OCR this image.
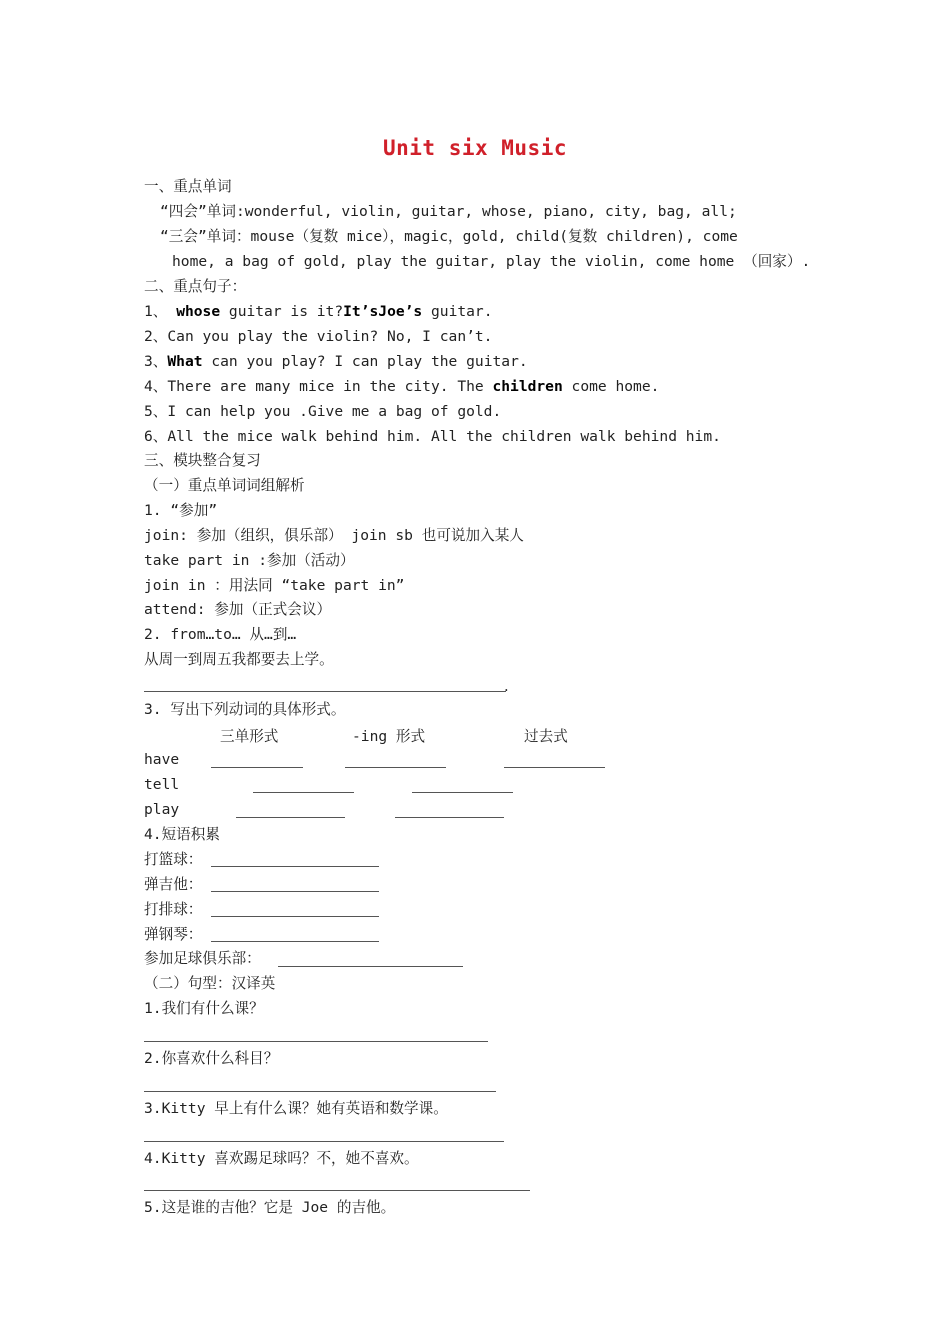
Unit six Music
一、重点单词
“四会”单词:wonderful, violin, guitar, whose, piano, city, bag, all;
“三会”单词：mouse（复数 mice），magic，gold, child(复数 children), come
home, a bag of gold, play the guitar, play the violin, come home （回家）.
二、重点句子：
1、 whose guitar is it?It’sJoe’s guitar.
2、Can you play the violin? No, I can’t.
3、What can you play? I can play the guitar.
4、There are many mice in the city. The children come home.
5、I can help you .Give me a bag of gold.
6、All the mice walk behind him. All the children walk behind him.
三、模块整合复习
（一）重点单词词组解析
1. “参加”
join: 参加（组织，俱乐部） join sb 也可说加入某人
take part in :参加（活动）
join in ：用法同 “take part in”
attend: 参加（正式会议）
2. from…to… 从…到…
从周一到周五我都要去上学。
.
3. 写出下列动词的具体形式。
三单形式	-ing 形式	过去式
have
tell
play
4.短语积累
打篮球：
弹吉他：
打排球：
弹钢琴：
参加足球俱乐部：
（二）句型：汉译英
1.我们有什么课？
2.你喜欢什么科目？
3.Kitty 早上有什么课？她有英语和数学课。
4.Kitty 喜欢踢足球吗？不，她不喜欢。
5.这是谁的吉他？它是 Joe 的吉他。
